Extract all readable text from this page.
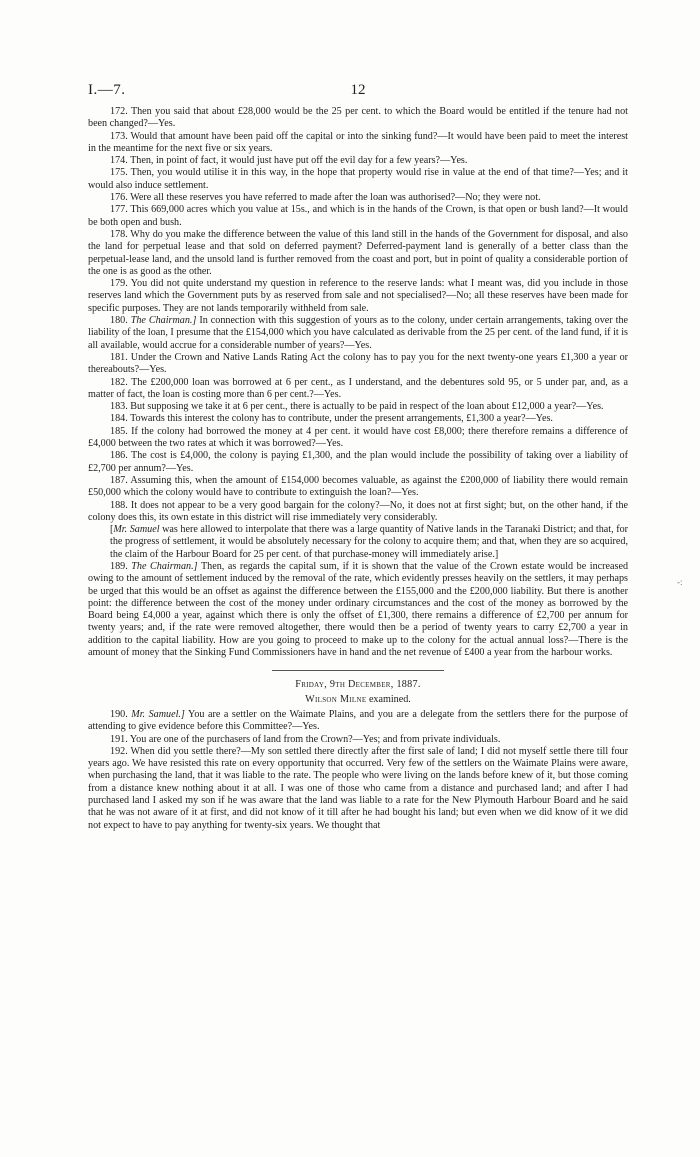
I.—7.	12

172. Then you said that about £28,000 would be the 25 per cent. to which the Board would be entitled if the tenure had not been changed?—Yes.

173. Would that amount have been paid off the capital or into the sinking fund?—It would have been paid to meet the interest in the meantime for the next five or six years.

174. Then, in point of fact, it would just have put off the evil day for a few years?—Yes.

175. Then, you would utilise it in this way, in the hope that property would rise in value at the end of that time?—Yes; and it would also induce settlement.

176. Were all these reserves you have referred to made after the loan was authorised?—No; they were not.

177. This 669,000 acres which you value at 15s., and which is in the hands of the Crown, is that open or bush land?—It would be both open and bush.

178. Why do you make the difference between the value of this land still in the hands of the Government for disposal, and also the land for perpetual lease and that sold on deferred payment? Deferred-payment land is generally of a better class than the perpetual-lease land, and the unsold land is further removed from the coast and port, but in point of quality a considerable portion of the one is as good as the other.

179. You did not quite understand my question in reference to the reserve lands: what I meant was, did you include in those reserves land which the Government puts by as reserved from sale and not specialised?—No; all these reserves have been made for specific purposes. They are not lands temporarily withheld from sale.

180. The Chairman.] In connection with this suggestion of yours as to the colony, under certain arrangements, taking over the liability of the loan, I presume that the £154,000 which you have calculated as derivable from the 25 per cent. of the land fund, if it is all available, would accrue for a considerable number of years?—Yes.

181. Under the Crown and Native Lands Rating Act the colony has to pay you for the next twenty-one years £1,300 a year or thereabouts?—Yes.

182. The £200,000 loan was borrowed at 6 per cent., as I understand, and the debentures sold 95, or 5 under par, and, as a matter of fact, the loan is costing more than 6 per cent.?—Yes.

183. But supposing we take it at 6 per cent., there is actually to be paid in respect of the loan about £12,000 a year?—Yes.

184. Towards this interest the colony has to contribute, under the present arrangements, £1,300 a year?—Yes.

185. If the colony had borrowed the money at 4 per cent. it would have cost £8,000; there therefore remains a difference of £4,000 between the two rates at which it was borrowed?—Yes.

186. The cost is £4,000, the colony is paying £1,300, and the plan would include the possibility of taking over a liability of £2,700 per annum?—Yes.

187. Assuming this, when the amount of £154,000 becomes valuable, as against the £200,000 of liability there would remain £50,000 which the colony would have to contribute to extinguish the loan?—Yes.

188. It does not appear to be a very good bargain for the colony?—No, it does not at first sight; but, on the other hand, if the colony does this, its own estate in this district will rise immediately very considerably.

[Mr. Samuel was here allowed to interpolate that there was a large quantity of Native lands in the Taranaki District; and that, for the progress of settlement, it would be absolutely necessary for the colony to acquire them; and that, when they are so acquired, the claim of the Harbour Board for 25 per cent. of that purchase-money will immediately arise.]

189. The Chairman.] Then, as regards the capital sum, if it is shown that the value of the Crown estate would be increased owing to the amount of settlement induced by the removal of the rate, which evidently presses heavily on the settlers, it may perhaps be urged that this would be an offset as against the difference between the £155,000 and the £200,000 liability. But there is another point: the difference between the cost of the money under ordinary circumstances and the cost of the money as borrowed by the Board being £4,000 a year, against which there is only the offset of £1,300, there remains a difference of £2,700 per annum for twenty years; and, if the rate were removed altogether, there would then be a period of twenty years to carry £2,700 a year in addition to the capital liability. How are you going to proceed to make up to the colony for the actual annual loss?—There is the amount of money that the Sinking Fund Commissioners have in hand and the net revenue of £400 a year from the harbour works.

Friday, 9th December, 1887.

Wilson Milne examined.

190. Mr. Samuel.] You are a settler on the Waimate Plains, and you are a delegate from the settlers there for the purpose of attending to give evidence before this Committee?—Yes.

191. You are one of the purchasers of land from the Crown?—Yes; and from private individuals.

192. When did you settle there?—My son settled there directly after the first sale of land; I did not myself settle there till four years ago. We have resisted this rate on every opportunity that occurred. Very few of the settlers on the Waimate Plains were aware, when purchasing the land, that it was liable to the rate. The people who were living on the lands before knew of it, but those coming from a distance knew nothing about it at all. I was one of those who came from a distance and purchased land; and after I had purchased land I asked my son if he was aware that the land was liable to a rate for the New Plymouth Harbour Board and he said that he was not aware of it at first, and did not know of it till after he had bought his land; but even when we did know of it we did not expect to have to pay anything for twenty-six years. We thought that

-:
